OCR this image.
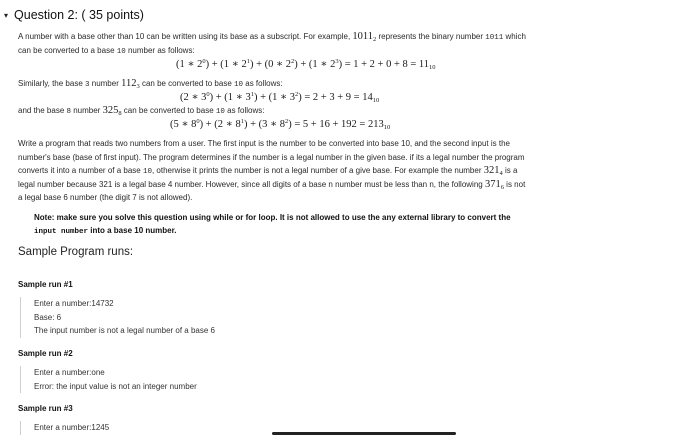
▾ Question 2: ( 35 points)
A number with a base other than 10 can be written using its base as a subscript. For example, $1011_2$ represents the binary number 1011 which
can be converted to a base 10 number as follows:
(1 ∗ $2^0) + (1$ ∗ $2^1) + (0$ ∗ $2^2) + (1$ ∗ $2^3) = 1 + 2 + 0 + 8 = 11_{10}$
Similarly, the base 3 number $112_3$ can be converted to base 10 as follows:
(2 ∗ $3^0) + (1$ ∗ $3^1) + (1$ ∗ $3^2) = 2 + 3 + 9 = 14_{10}$
and the base 8 number $325_8$ can be converted to base 10 as follows:
(5 ∗ $8^0) + (2$ ∗ $8^1) + (3$ ∗ $8^2) = 5 + 16 + 192 = 213_{10}$
Write a program that reads two numbers from a user. The first input is the number to be converted into base 10, and the second input is the
number's base (base of first input). The program determines if the number is a legal number in the given base. if its a legal number the program
converts it into a number of a base 10, otherwise it prints the number is not a legal number of a give base. For example the number $321_4$ is a
legal number because 321 is a legal base 4 number. However, since all digits of a base n number must be less than n, the following $371_6$ is not
a legal base 6 number (the digit 7 is not allowed).
Note: make sure you solve this question using while or for loop. It is not allowed to use the any external library to convert the
input number into a base 10 number.
Sample Program runs:
Sample run #1
Enter a number:14732
Base: 6
The input number is not a legal number of a base 6
Sample run #2
Enter a number:one
Error: the input value is not an integer number
Sample run #3
Enter a number:1245
